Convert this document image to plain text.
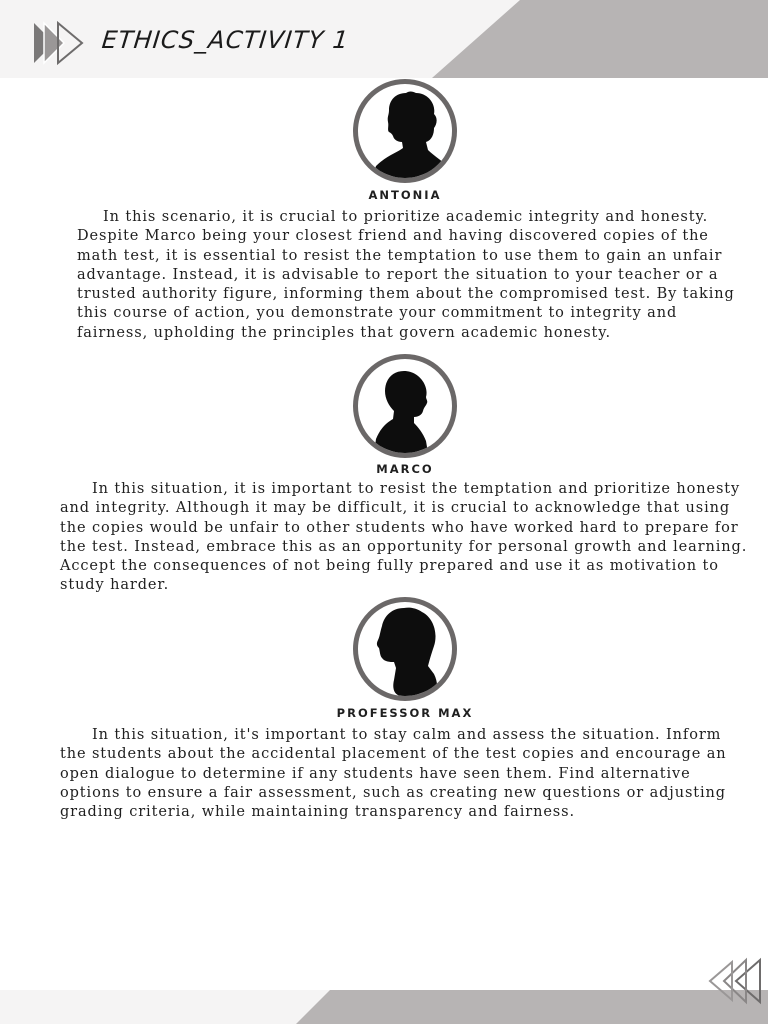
ETHICS_ACTIVITY 1
ANTONIA

In this scenario, it is crucial to prioritize academic integrity and honesty. Despite Marco being your closest friend and having discovered copies of the math test, it is essential to resist the temptation to use them to gain an unfair advantage. Instead, it is advisable to report the situation to your teacher or a trusted authority figure, informing them about the compromised test. By taking this course of action, you demonstrate your commitment to integrity and fairness, upholding the principles that govern academic honesty.

MARCO

In this situation, it is important to resist the temptation and prioritize honesty and integrity. Although it may be difficult, it is crucial to acknowledge that using the copies would be unfair to other students who have worked hard to prepare for the test. Instead, embrace this as an opportunity for personal growth and learning. Accept the consequences of not being fully prepared and use it as motivation to study harder.

PROFESSOR MAX

In this situation, it's important to stay calm and assess the situation. Inform the students about the accidental placement of the test copies and encourage an open dialogue to determine if any students have seen them. Find alternative options to ensure a fair assessment, such as creating new questions or adjusting grading criteria, while maintaining transparency and fairness.
